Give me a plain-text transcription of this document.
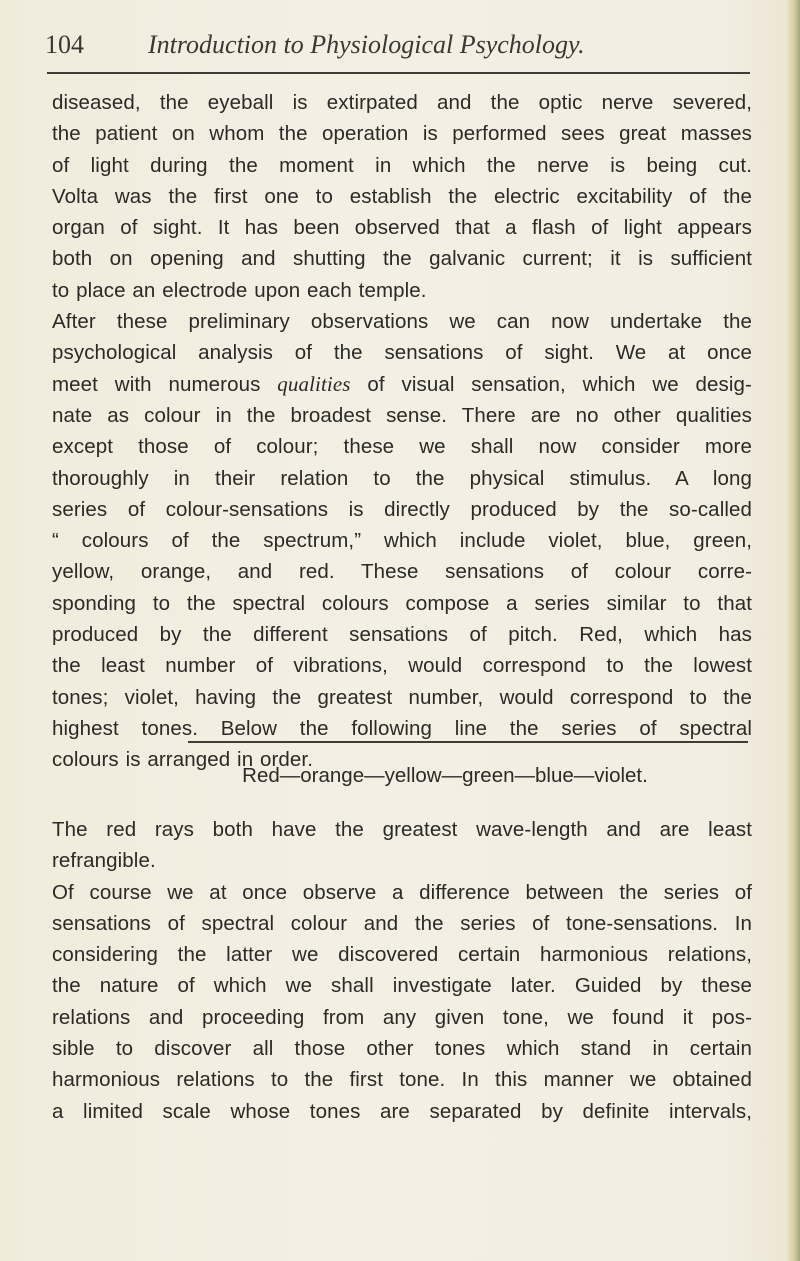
104 Introduction to Physiological Psychology.
diseased, the eyeball is extirpated and the optic nerve severed,
the patient on whom the operation is performed sees great masses
of light during the moment in which the nerve is being cut.
Volta was the first one to establish the electric excitability of the
organ of sight. It has been observed that a flash of light appears
both on opening and shutting the galvanic current; it is sufficient
to place an electrode upon each temple.
After these preliminary observations we can now undertake the
psychological analysis of the sensations of sight. We at once
meet with numerous qualities of visual sensation, which we desig-
nate as colour in the broadest sense. There are no other qualities
except those of colour; these we shall now consider more
thoroughly in their relation to the physical stimulus. A long
series of colour-sensations is directly produced by the so-called
“ colours of the spectrum,” which include violet, blue, green,
yellow, orange, and red. These sensations of colour corre-
sponding to the spectral colours compose a series similar to that
produced by the different sensations of pitch. Red, which has
the least number of vibrations, would correspond to the lowest
tones; violet, having the greatest number, would correspond to the
highest tones. Below the following line the series of spectral
colours is arranged in order.
Red—orange—yellow—green—blue—violet.
The red rays both have the greatest wave-length and are least
refrangible.
Of course we at once observe a difference between the series of
sensations of spectral colour and the series of tone-sensations. In
considering the latter we discovered certain harmonious relations,
the nature of which we shall investigate later. Guided by these
relations and proceeding from any given tone, we found it pos-
sible to discover all those other tones which stand in certain
harmonious relations to the first tone. In this manner we obtained
a limited scale whose tones are separated by definite intervals,
